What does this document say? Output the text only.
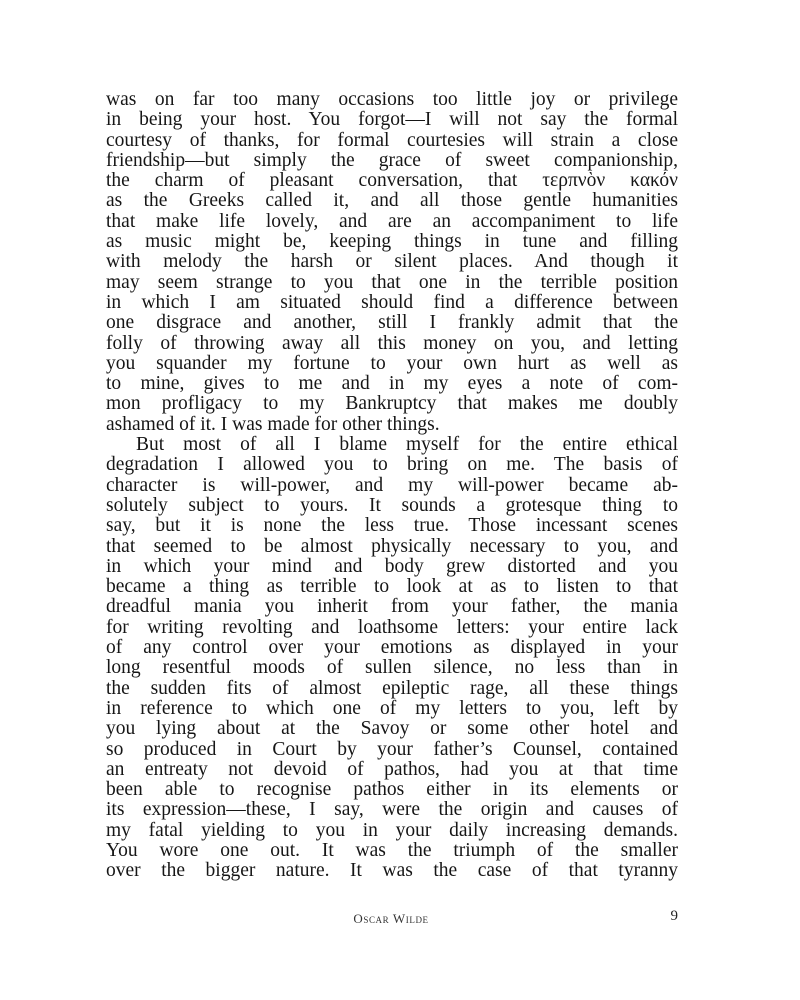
was on far too many occasions too little joy or privilege
in being your host. You forgot—I will not say the formal
courtesy of thanks, for formal courtesies will strain a close
friendship—but simply the grace of sweet companionship,
the charm of pleasant conversation, that τερπνὸν κακόν
as the Greeks called it, and all those gentle humanities
that make life lovely, and are an accompaniment to life
as music might be, keeping things in tune and filling
with melody the harsh or silent places. And though it
may seem strange to you that one in the terrible position
in which I am situated should find a difference between
one disgrace and another, still I frankly admit that the
folly of throwing away all this money on you, and letting
you squander my fortune to your own hurt as well as
to mine, gives to me and in my eyes a note of com-
mon profligacy to my Bankruptcy that makes me doubly
ashamed of it. I was made for other things.
But most of all I blame myself for the entire ethical
degradation I allowed you to bring on me. The basis of
character is will-power, and my will-power became ab-
solutely subject to yours. It sounds a grotesque thing to
say, but it is none the less true. Those incessant scenes
that seemed to be almost physically necessary to you, and
in which your mind and body grew distorted and you
became a thing as terrible to look at as to listen to that
dreadful mania you inherit from your father, the mania
for writing revolting and loathsome letters: your entire lack
of any control over your emotions as displayed in your
long resentful moods of sullen silence, no less than in
the sudden fits of almost epileptic rage, all these things
in reference to which one of my letters to you, left by
you lying about at the Savoy or some other hotel and
so produced in Court by your father’s Counsel, contained
an entreaty not devoid of pathos, had you at that time
been able to recognise pathos either in its elements or
its expression—these, I say, were the origin and causes of
my fatal yielding to you in your daily increasing demands.
You wore one out. It was the triumph of the smaller
over the bigger nature. It was the case of that tyranny
Oscar Wilde	9
